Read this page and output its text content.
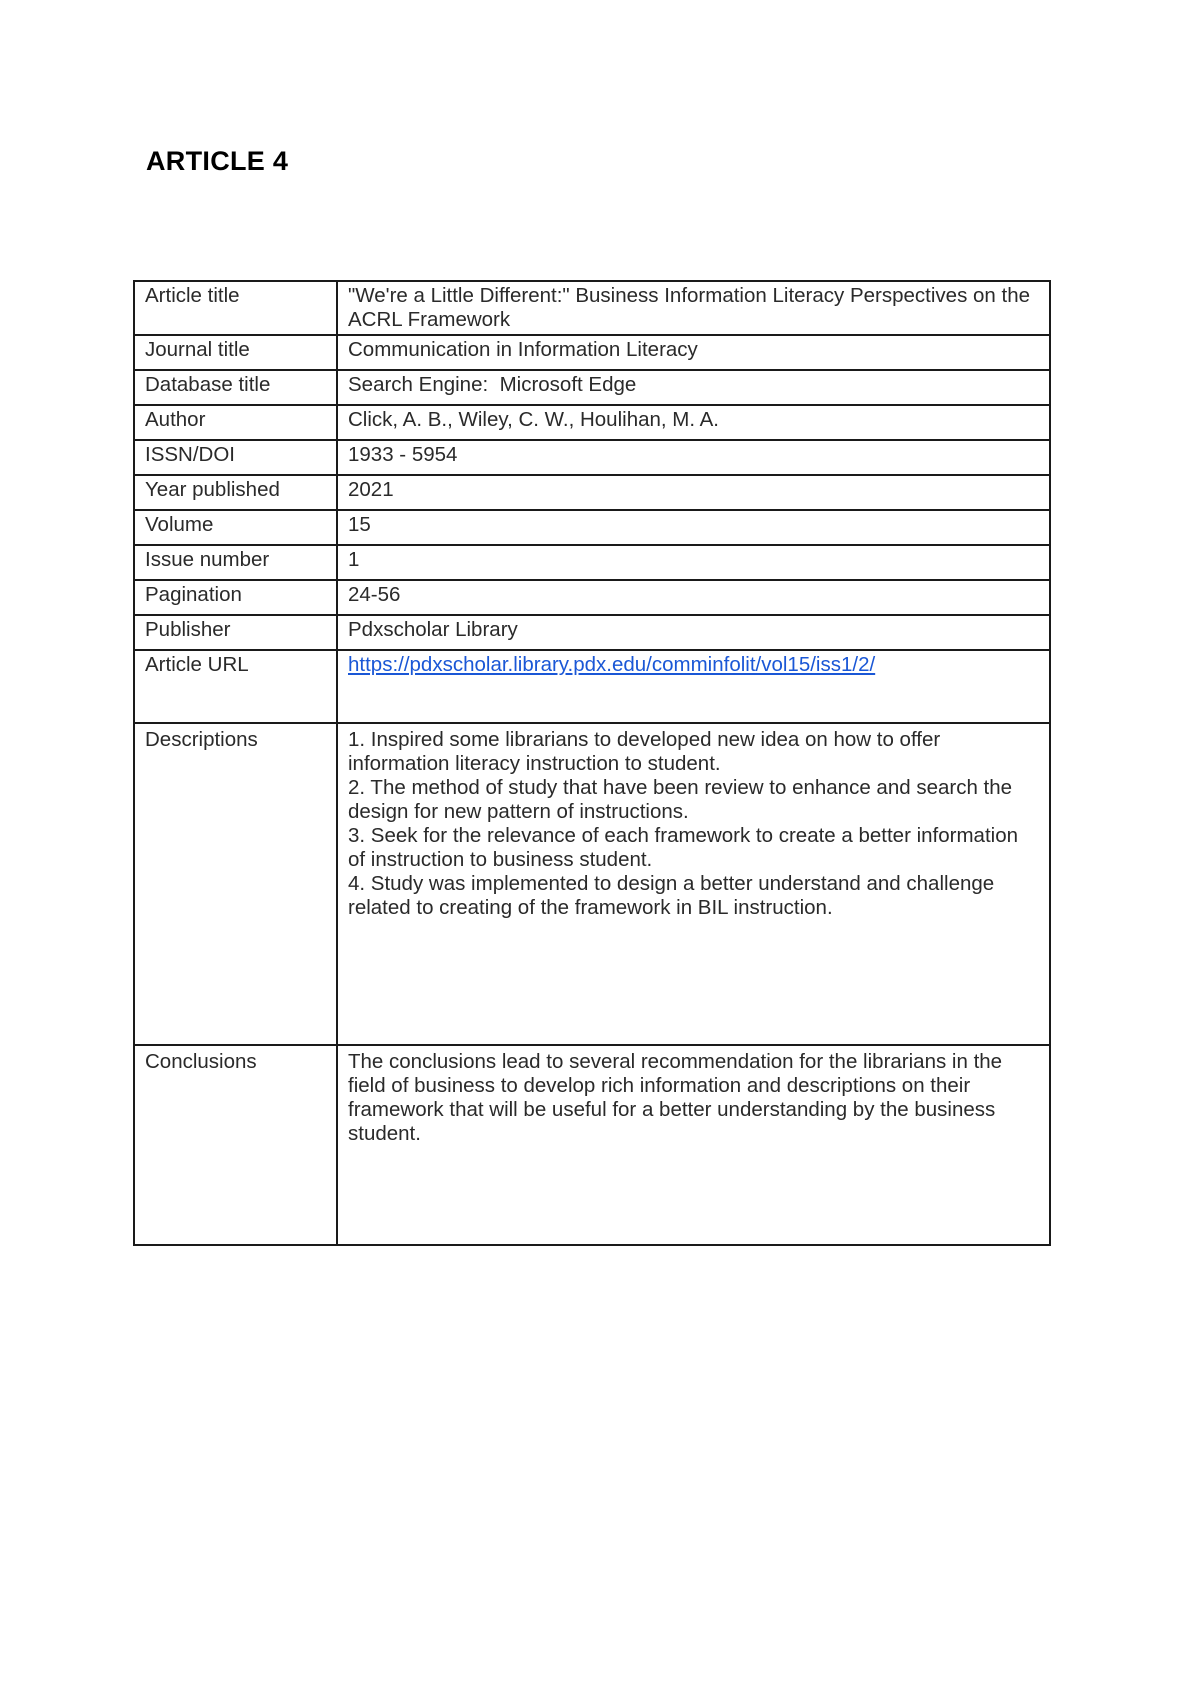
ARTICLE 4
Article title	"We're a Little Different:" Business Information Literacy Perspectives on the ACRL Framework
Journal title	Communication in Information Literacy
Database title	Search Engine:  Microsoft Edge
Author	Click, A. B., Wiley, C. W., Houlihan, M. A.
ISSN/DOI	1933 - 5954
Year published	2021
Volume	15
Issue number	1
Pagination	24-56
Publisher	Pdxscholar Library
Article URL	https://pdxscholar.library.pdx.edu/comminfolit/vol15/iss1/2/
Descriptions	1. Inspired some librarians to developed new idea on how to offer information literacy instruction to student.
2. The method of study that have been review to enhance and search the design for new pattern of instructions.
3. Seek for the relevance of each framework to create a better information of instruction to business student.
4. Study was implemented to design a better understand and challenge related to creating of the framework in BIL instruction.

Conclusions	The conclusions lead to several recommendation for the librarians in the field of business to develop rich information and descriptions on their framework that will be useful for a better understanding by the business student.
